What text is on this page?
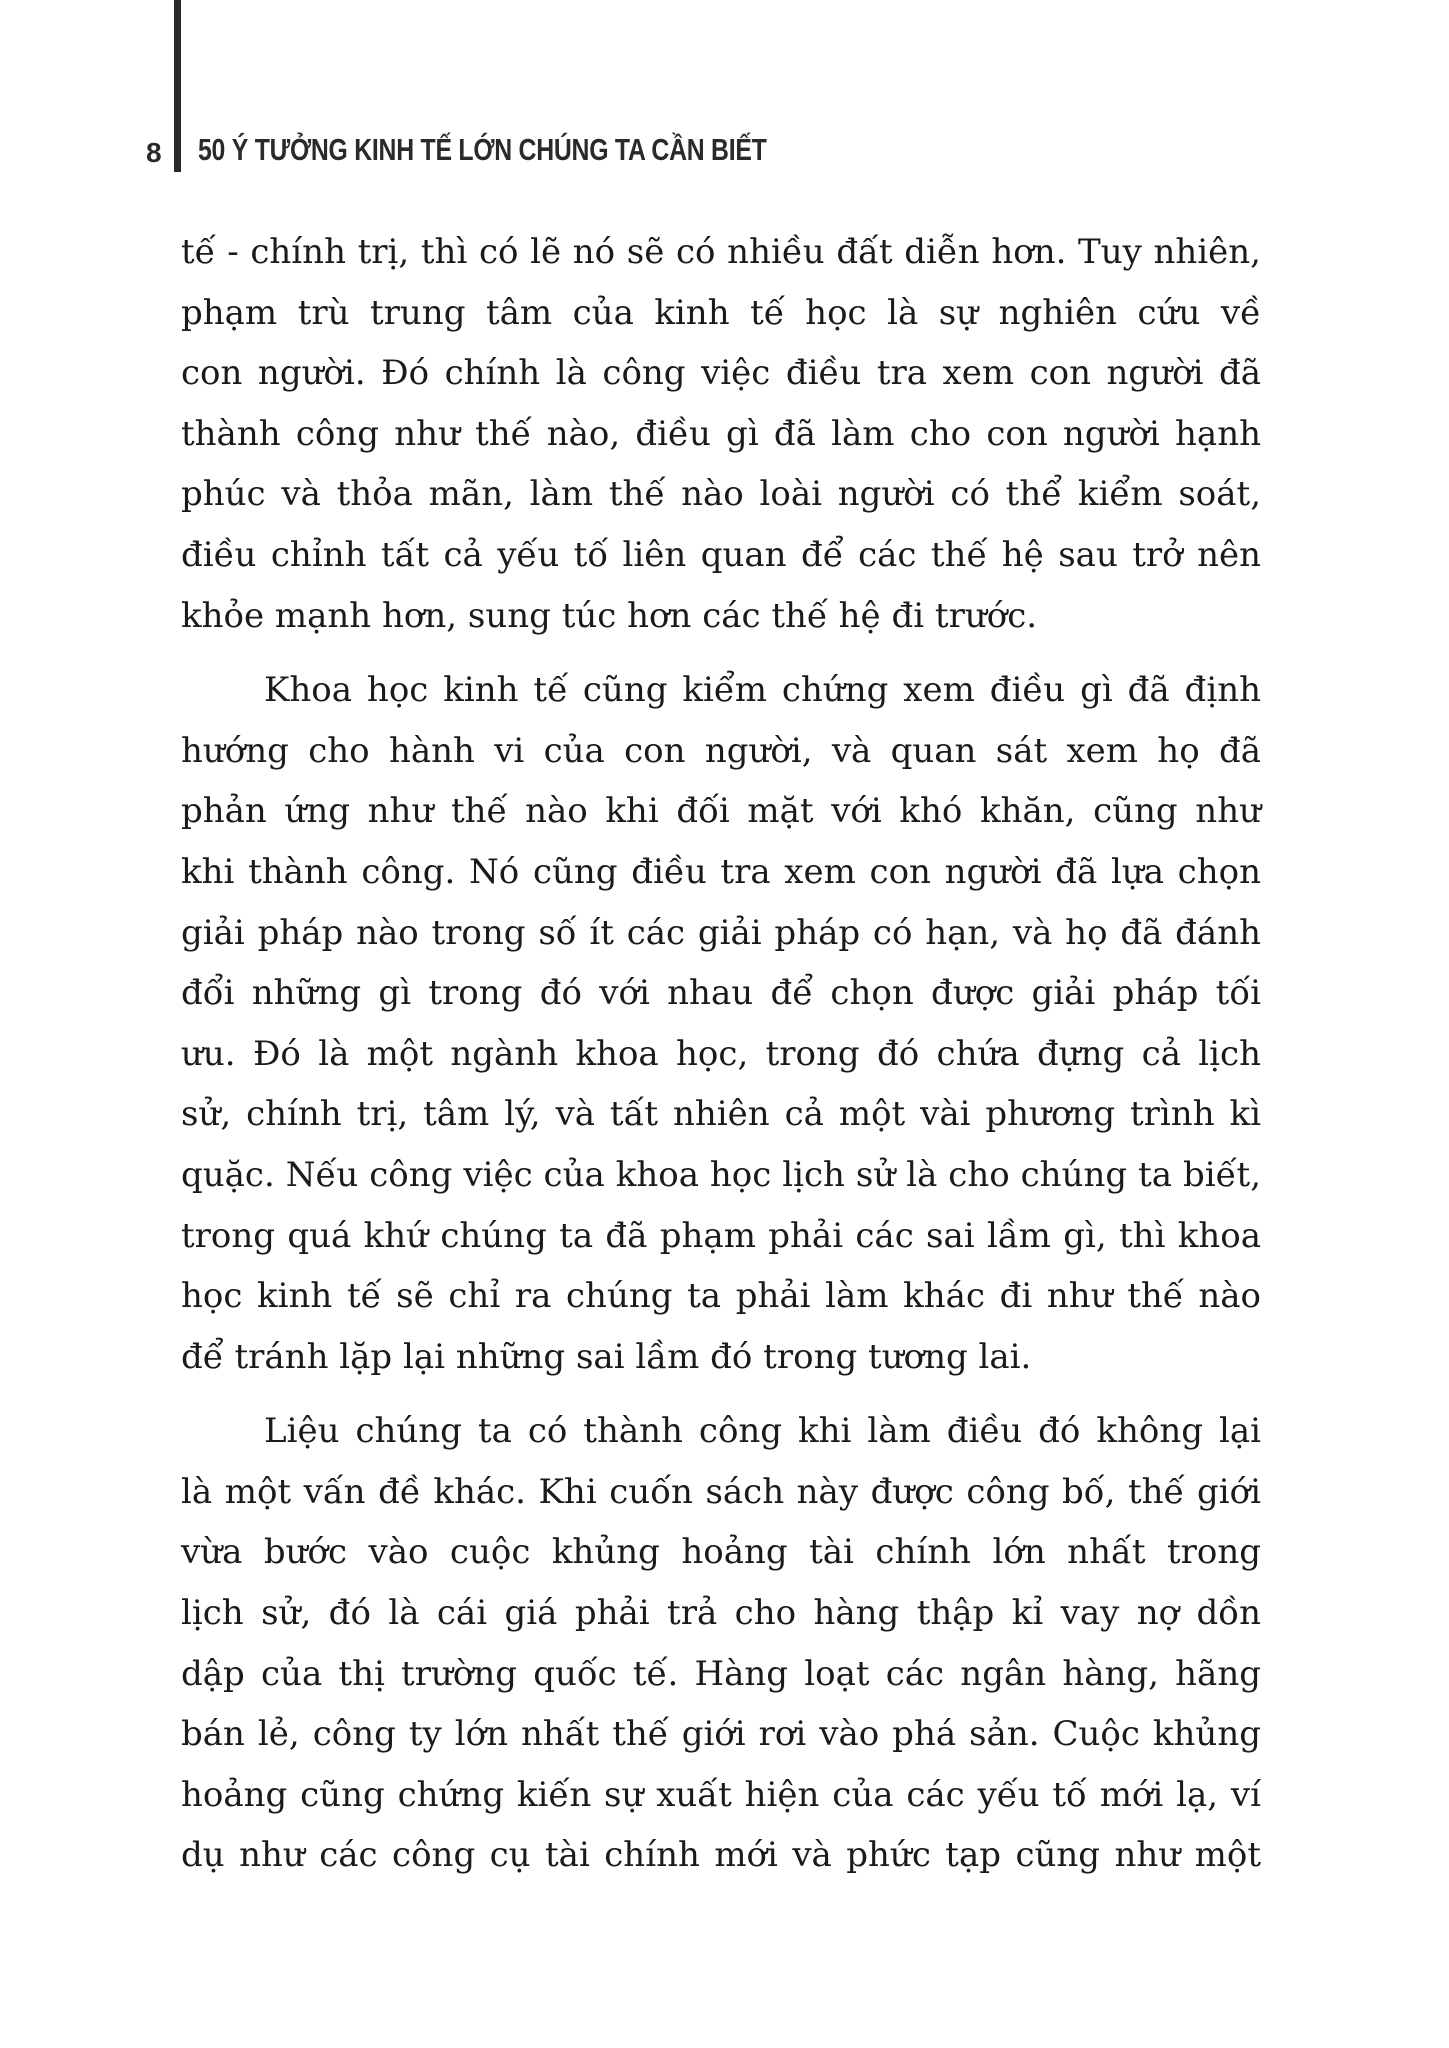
8 50 Ý TƯỞNG KINH TẾ LỚN CHÚNG TA CẦN BIẾT

tế - chính trị, thì có lẽ nó sẽ có nhiều đất diễn hơn. Tuy nhiên,
phạm trù trung tâm của kinh tế học là sự nghiên cứu về
con người. Đó chính là công việc điều tra xem con người đã
thành công như thế nào, điều gì đã làm cho con người hạnh
phúc và thỏa mãn, làm thế nào loài người có thể kiểm soát,
điều chỉnh tất cả yếu tố liên quan để các thế hệ sau trở nên
khỏe mạnh hơn, sung túc hơn các thế hệ đi trước.

Khoa học kinh tế cũng kiểm chứng xem điều gì đã định
hướng cho hành vi của con người, và quan sát xem họ đã
phản ứng như thế nào khi đối mặt với khó khăn, cũng như
khi thành công. Nó cũng điều tra xem con người đã lựa chọn
giải pháp nào trong số ít các giải pháp có hạn, và họ đã đánh
đổi những gì trong đó với nhau để chọn được giải pháp tối
ưu. Đó là một ngành khoa học, trong đó chứa đựng cả lịch
sử, chính trị, tâm lý, và tất nhiên cả một vài phương trình kì
quặc. Nếu công việc của khoa học lịch sử là cho chúng ta biết,
trong quá khứ chúng ta đã phạm phải các sai lầm gì, thì khoa
học kinh tế sẽ chỉ ra chúng ta phải làm khác đi như thế nào
để tránh lặp lại những sai lầm đó trong tương lai.

Liệu chúng ta có thành công khi làm điều đó không lại
là một vấn đề khác. Khi cuốn sách này được công bố, thế giới
vừa bước vào cuộc khủng hoảng tài chính lớn nhất trong
lịch sử, đó là cái giá phải trả cho hàng thập kỉ vay nợ dồn
dập của thị trường quốc tế. Hàng loạt các ngân hàng, hãng
bán lẻ, công ty lớn nhất thế giới rơi vào phá sản. Cuộc khủng
hoảng cũng chứng kiến sự xuất hiện của các yếu tố mới lạ, ví
dụ như các công cụ tài chính mới và phức tạp cũng như một
